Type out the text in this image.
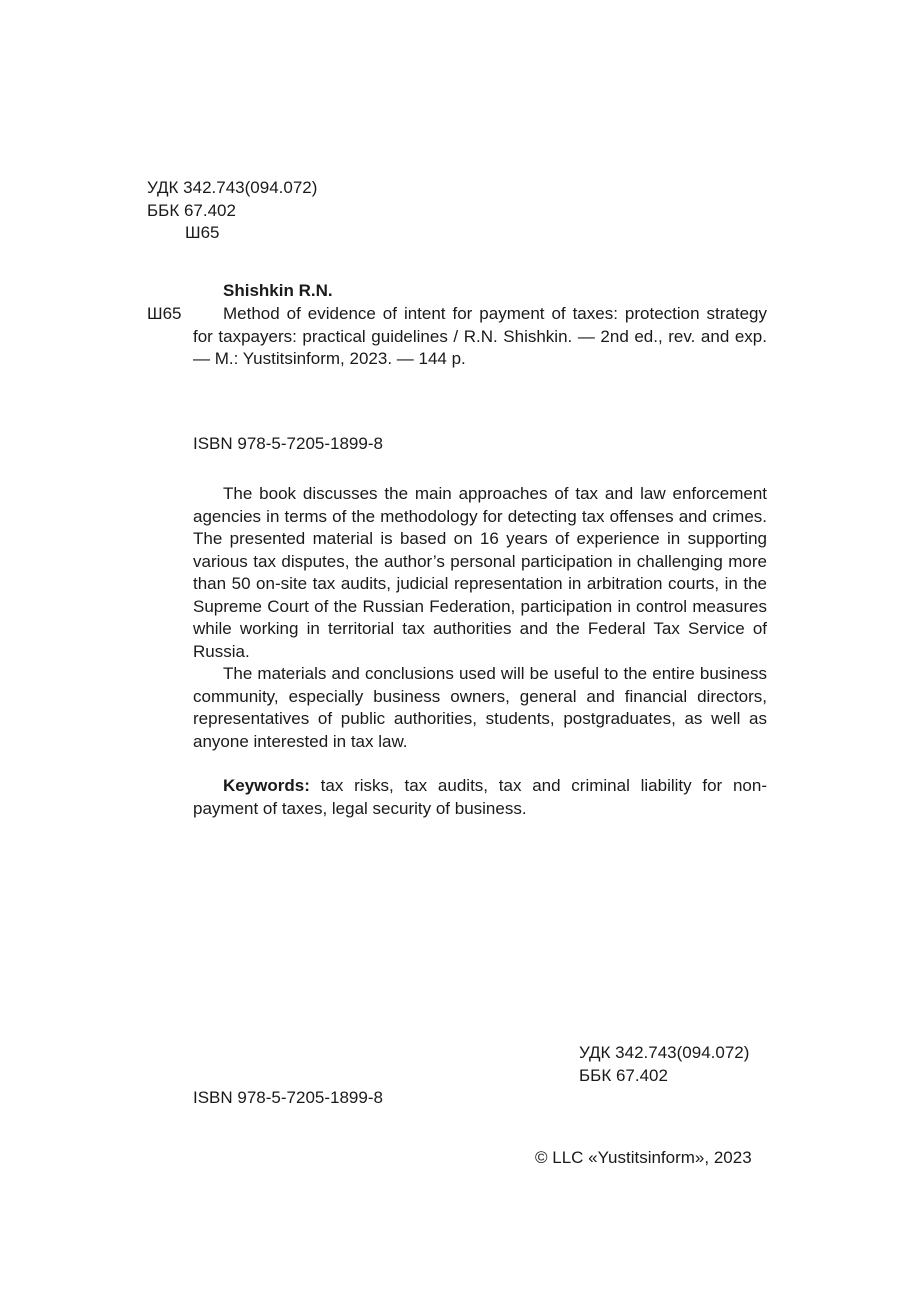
УДК 342.743(094.072)
ББК 67.402
Ш65
Shishkin R.N.
Ш65	Method of evidence of intent for payment of taxes: protection strategy for taxpayers: practical guidelines / R.N. Shishkin. — 2nd ed., rev. and exp. — M.: Yustitsinform, 2023. — 144 p.

ISBN 978-5-7205-1899-8

The book discusses the main approaches of tax and law enforcement agencies in terms of the methodology for detecting tax offenses and crimes. The presented material is based on 16 years of experience in supporting various tax disputes, the author’s personal participation in challenging more than 50 on-site tax audits, judicial representation in arbitration courts, in the Supreme Court of the Russian Federation, participation in control measures while working in territorial tax authorities and the Federal Tax Service of Russia.

The materials and conclusions used will be useful to the entire business community, especially business owners, general and financial directors, representatives of public authorities, students, postgraduates, as well as anyone interested in tax law.

Keywords: tax risks, tax audits, tax and criminal liability for non-payment of taxes, legal security of business.

УДК 342.743(094.072)
ББК 67.402
ISBN 978-5-7205-1899-8
© LLC «Yustitsinform», 2023
